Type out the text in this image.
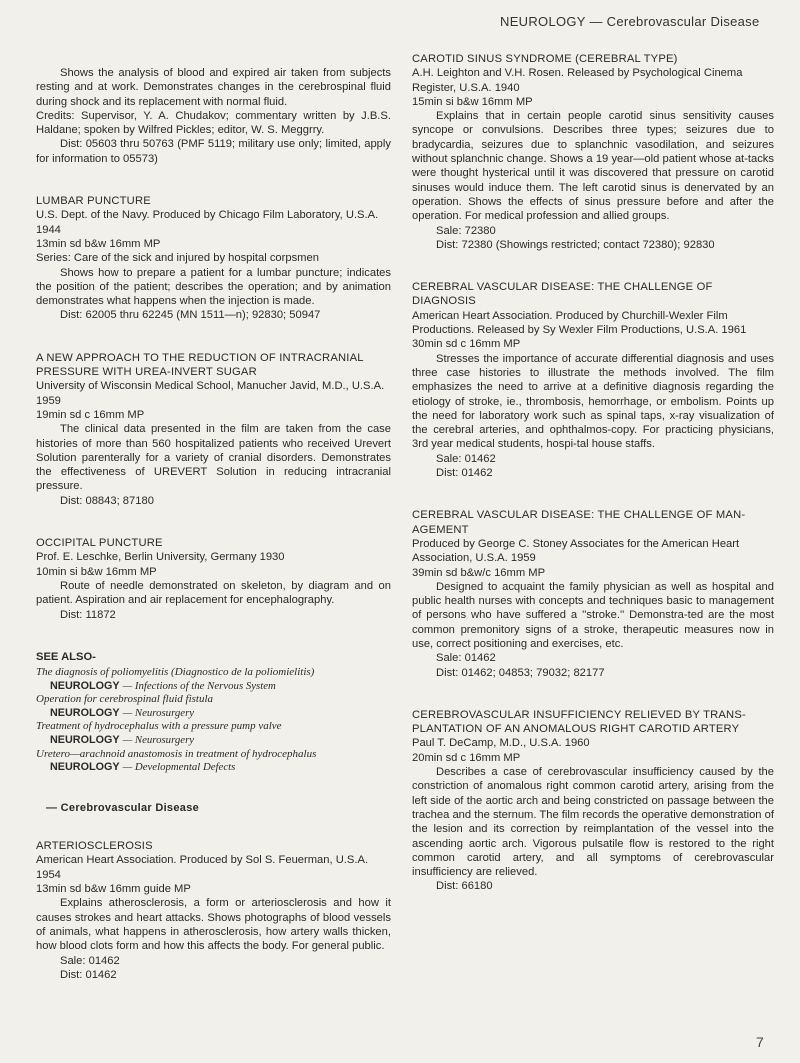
NEUROLOGY — Cerebrovascular Disease

Shows the analysis of blood and expired air taken from subjects resting and at work. Demonstrates changes in the cerebrospinal fluid during shock and its replacement with normal fluid.

Credits: Supervisor, Y. A. Chudakov; commentary written by J.B.S. Haldane; spoken by Wilfred Pickles; editor, W. S. Meggrry.

Dist: 05603 thru 50763 (PMF 5119; military use only; limited, apply for information to 05573)

LUMBAR PUNCTURE

U.S. Dept. of the Navy. Produced by Chicago Film Laboratory, U.S.A. 1944

13min sd b&w 16mm MP

Series: Care of the sick and injured by hospital corpsmen

Shows how to prepare a patient for a lumbar puncture; indicates the position of the patient; describes the operation; and by animation demonstrates what happens when the injection is made.

Dist: 62005 thru 62245 (MN 1511—n); 92830; 50947

A NEW APPROACH TO THE REDUCTION OF INTRACRANIAL PRESSURE WITH UREA-INVERT SUGAR

University of Wisconsin Medical School, Manucher Javid, M.D., U.S.A. 1959

19min sd c 16mm MP

The clinical data presented in the film are taken from the case histories of more than 560 hospitalized patients who received Urevert Solution parenterally for a variety of cranial disorders. Demonstrates the effectiveness of UREVERT Solution in reducing intracranial pressure.

Dist: 08843; 87180

OCCIPITAL PUNCTURE

Prof. E. Leschke, Berlin University, Germany 1930

10min si b&w 16mm MP

Route of needle demonstrated on skeleton, by diagram and on patient. Aspiration and air replacement for encephalography.

Dist: 11872

SEE ALSO-
The diagnosis of poliomyelitis (Diagnostico de la poliomielitis)
NEUROLOGY — Infections of the Nervous System
Operation for cerebrospinal fluid fistula
NEUROLOGY — Neurosurgery
Treatment of hydrocephalus with a pressure pump valve
NEUROLOGY — Neurosurgery
Uretero—arachnoid anastomosis in treatment of hydrocephalus
NEUROLOGY — Developmental Defects
— Cerebrovascular Disease

ARTERIOSCLEROSIS

American Heart Association. Produced by Sol S. Feuerman, U.S.A. 1954

13min sd b&w 16mm guide MP

Explains atherosclerosis, a form or arteriosclerosis and how it causes strokes and heart attacks. Shows photographs of blood vessels of animals, what happens in atherosclerosis, how artery walls thicken, how blood clots form and how this affects the body. For general public.

Sale: 01462

Dist: 01462

CAROTID SINUS SYNDROME (CEREBRAL TYPE)

A.H. Leighton and V.H. Rosen. Released by Psychological Cinema Register, U.S.A. 1940

15min si b&w 16mm MP

Explains that in certain people carotid sinus sensitivity causes syncope or convulsions. Describes three types; seizures due to bradycardia, seizures due to splanchnic vasodilation, and seizures without splanchnic change. Shows a 19 year—old patient whose at-tacks were thought hysterical until it was discovered that pressure on carotid sinuses would induce them. The left carotid sinus is denervated by an operation. Shows the effects of sinus pressure before and after the operation. For medical profession and allied groups.

Sale: 72380

Dist: 72380 (Showings restricted; contact 72380); 92830

CEREBRAL VASCULAR DISEASE: THE CHALLENGE OF DIAGNOSIS

American Heart Association. Produced by Churchill-Wexler Film Productions. Released by Sy Wexler Film Productions, U.S.A. 1961

30min sd c 16mm MP

Stresses the importance of accurate differential diagnosis and uses three case histories to illustrate the methods involved. The film emphasizes the need to arrive at a definitive diagnosis regarding the etiology of stroke, ie., thrombosis, hemorrhage, or embolism. Points up the need for laboratory work such as spinal taps, x-ray visualization of the cerebral arteries, and ophthalmos-copy. For practicing physicians, 3rd year medical students, hospi-tal house staffs.

Sale: 01462

Dist: 01462

CEREBRAL VASCULAR DISEASE: THE CHALLENGE OF MAN-AGEMENT

Produced by George C. Stoney Associates for the American Heart Association, U.S.A. 1959

39min sd b&w/c 16mm MP

Designed to acquaint the family physician as well as hospital and public health nurses with concepts and techniques basic to management of persons who have suffered a ''stroke.'' Demonstra-ted are the most common premonitory signs of a stroke, therapeutic measures now in use, correct positioning and exercises, etc.

Sale: 01462

Dist: 01462; 04853; 79032; 82177

CEREBROVASCULAR INSUFFICIENCY RELIEVED BY TRANS-PLANTATION OF AN ANOMALOUS RIGHT CAROTID ARTERY

Paul T. DeCamp, M.D., U.S.A. 1960

20min sd c 16mm MP

Describes a case of cerebrovascular insufficiency caused by the constriction of anomalous right common carotid artery, arising from the left side of the aortic arch and being constricted on passage between the trachea and the sternum. The film records the operative demonstration of the lesion and its correction by reimplantation of the vessel into the ascending aortic arch. Vigorous pulsatile flow is restored to the right common carotid artery, and all symptoms of cerebrovascular insufficiency are relieved.

Dist: 66180

7
